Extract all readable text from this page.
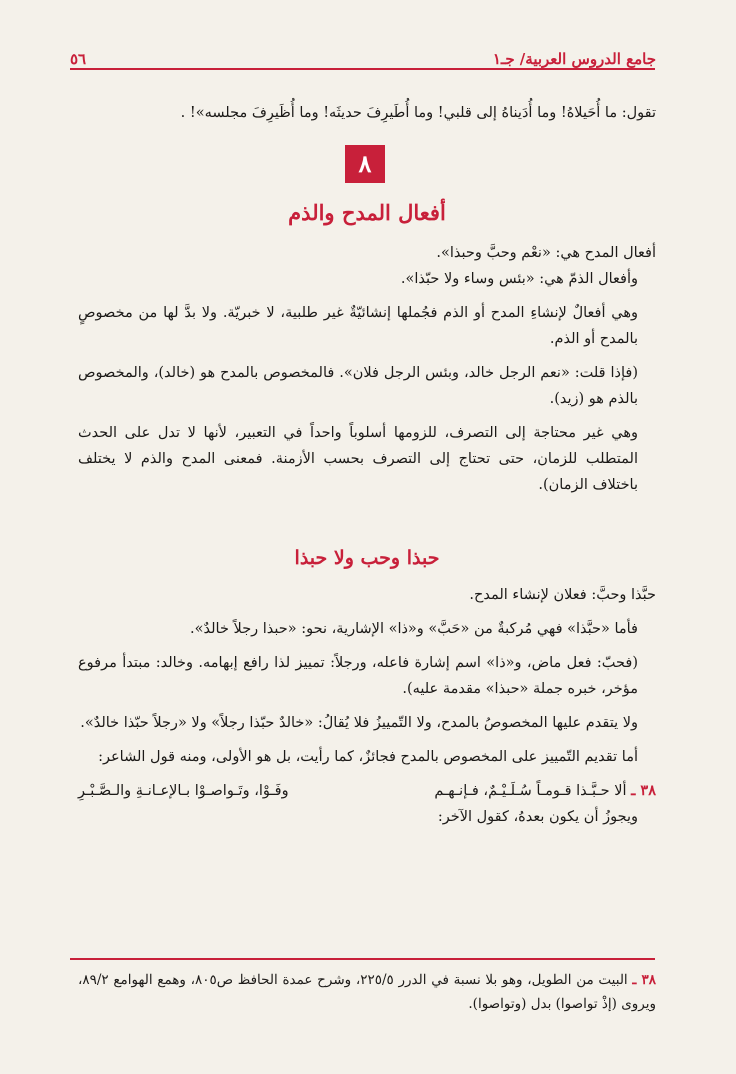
٥٦	جامع الدروس العربية/ جـ١

تقول: ما أُحَيلاهُ! وما أُدَيناهُ إلى قلبي! وما أُطَيرِفَ حديثَه! وما أُظَيرِفَ مجلسه»! .

٨
أفعال المدح والذم

أفعال المدح هي: «نعْم وحبَّ وحبذا».

وأفعال الذمّ هي: «بئس وساء ولا حبّذا».

وهي أفعالٌ لإنشاءِ المدح أو الذم فجُملها إنشائيّةٌ غير طلبية، لا خبريّة. ولا بدَّ لها من مخصوصٍ بالمدح أو الذم.

(فإذا قلت: «نعم الرجل خالد، وبئس الرجل فلان». فالمخصوص بالمدح هو (خالد)، والمخصوص بالذم هو (زيد).

وهي غير محتاجة إلى التصرف، للزومها أسلوباً واحداً في التعبير، لأنها لا تدل على الحدث المتطلب للزمان، حتى تحتاج إلى التصرف بحسب الأزمنة. فمعنى المدح والذم لا يختلف باختلاف الزمان).

حبذا وحب ولا حبذا

حبَّذا وحبَّ: فعلان لإنشاء المدح.

فأما «حبَّذا» فهي مُركبةٌ من «حَبَّ» و«ذا» الإشارية، نحو: «حبذا رجلاً خالدٌ».

(فحبّ: فعل ماض، و«ذا» اسم إشارة فاعله، ورجلاً: تمييز لذا رافع إبهامه. وخالد: مبتدأ مرفوع مؤخر، خبره جملة «حبذا» مقدمة عليه).

ولا يتقدم عليها المخصوصُ بالمدح، ولا التّمييزُ فلا يُقالُ: «خالدٌ حبّذا رجلاً» ولا «رجلاً حبّذا خالدٌ».

أما تقديم التّمييز على المخصوص بالمدح فجائزٌ، كما رأيت، بل هو الأولى، ومنه قول الشاعر:

٣٨ ـ ألا حـبَّـذا قـومـاً سُـلَـيْـمٌ، فـإنـهـم
وفَـوْا، وتَـواصـوْا بـالإعـانـةِ والـصَّـبْـرِ

ويجوزُ أن يكون بعدهُ، كقول الآخر:

٣٨ ـ البيت من الطويل، وهو بلا نسبة في الدرر ٢٢٥/٥، وشرح عمدة الحافظ ص٨٠٥، وهمع الهوامع ٨٩/٢، ويروى (إذْ تواصوا) بدل (وتواصوا).
